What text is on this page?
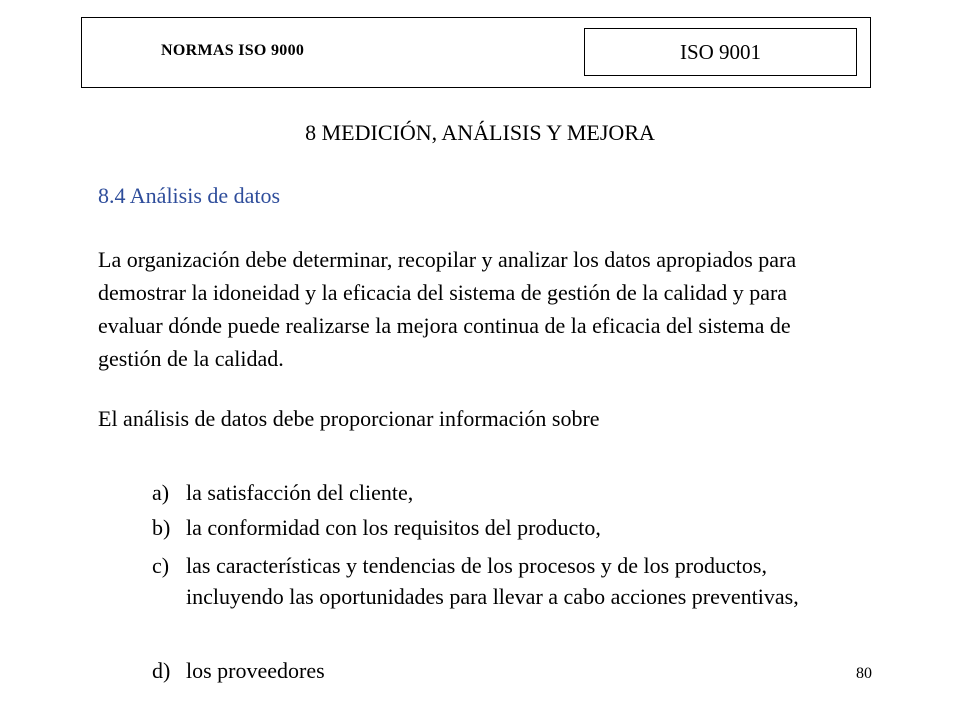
NORMAS ISO 9000	ISO 9001
8 MEDICIÓN, ANÁLISIS Y MEJORA
8.4 Análisis de datos

La organización debe determinar, recopilar y analizar los datos apropiados para demostrar la idoneidad y la eficacia del sistema de gestión de la calidad y para evaluar dónde puede realizarse la mejora continua de la eficacia del sistema de gestión de la calidad.

El análisis de datos debe proporcionar información sobre

a) la satisfacción del cliente,
b) la conformidad con los requisitos del producto,
c) las características y tendencias de los procesos y de los productos, incluyendo las oportunidades para llevar a cabo acciones preventivas,
d) los proveedores	80
